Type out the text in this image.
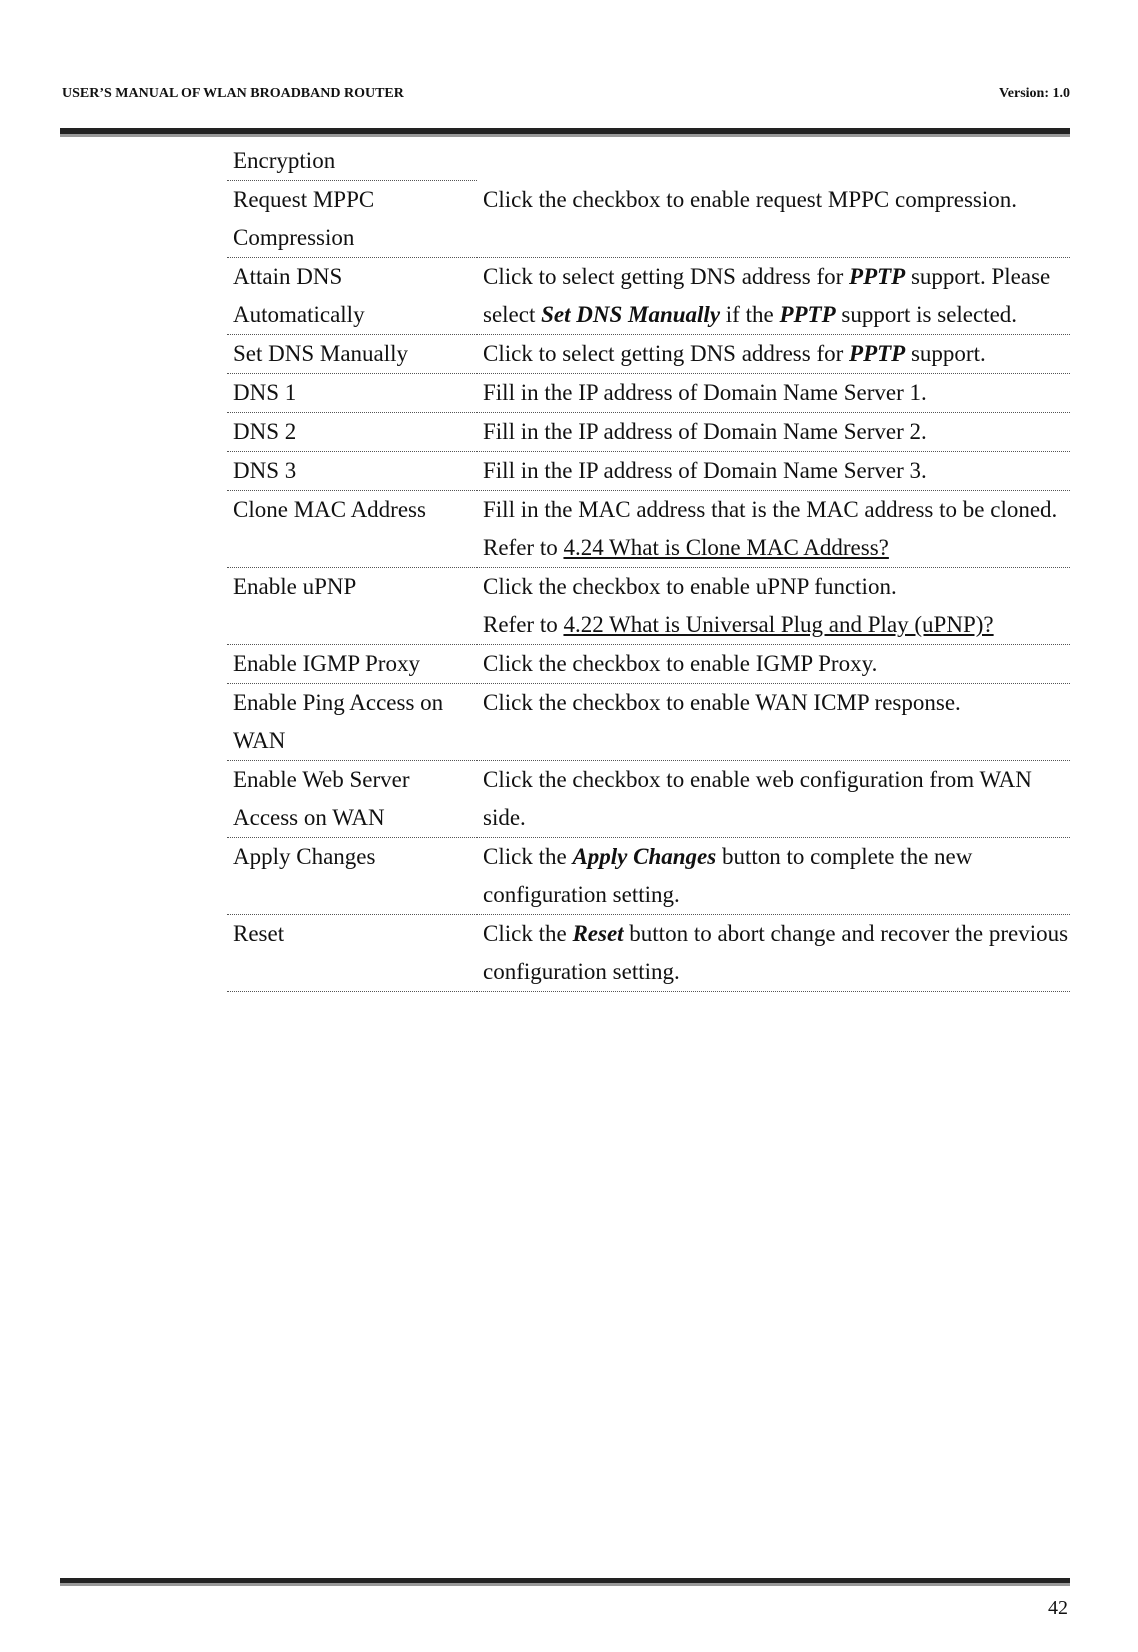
USER’S MANUAL OF WLAN BROADBAND ROUTER	Version: 1.0
Encryption	
Request MPPC Compression	Click the checkbox to enable request MPPC compression.
Attain DNS Automatically	Click to select getting DNS address for PPTP support. Please select Set DNS Manually if the PPTP support is selected.
Set DNS Manually	Click to select getting DNS address for PPTP support.
DNS 1	Fill in the IP address of Domain Name Server 1.
DNS 2	Fill in the IP address of Domain Name Server 2.
DNS 3	Fill in the IP address of Domain Name Server 3.
Clone MAC Address	Fill in the MAC address that is the MAC address to be cloned. Refer to 4.24 What is Clone MAC Address?
Enable uPNP	Click the checkbox to enable uPNP function.
Refer to 4.22 What is Universal Plug and Play (uPNP)?
Enable IGMP Proxy	Click the checkbox to enable IGMP Proxy.
Enable Ping Access on WAN	Click the checkbox to enable WAN ICMP response.
Enable Web Server Access on WAN	Click the checkbox to enable web configuration from WAN side.
Apply Changes	Click the Apply Changes button to complete the new configuration setting.
Reset	Click the Reset button to abort change and recover the previous configuration setting.
42
